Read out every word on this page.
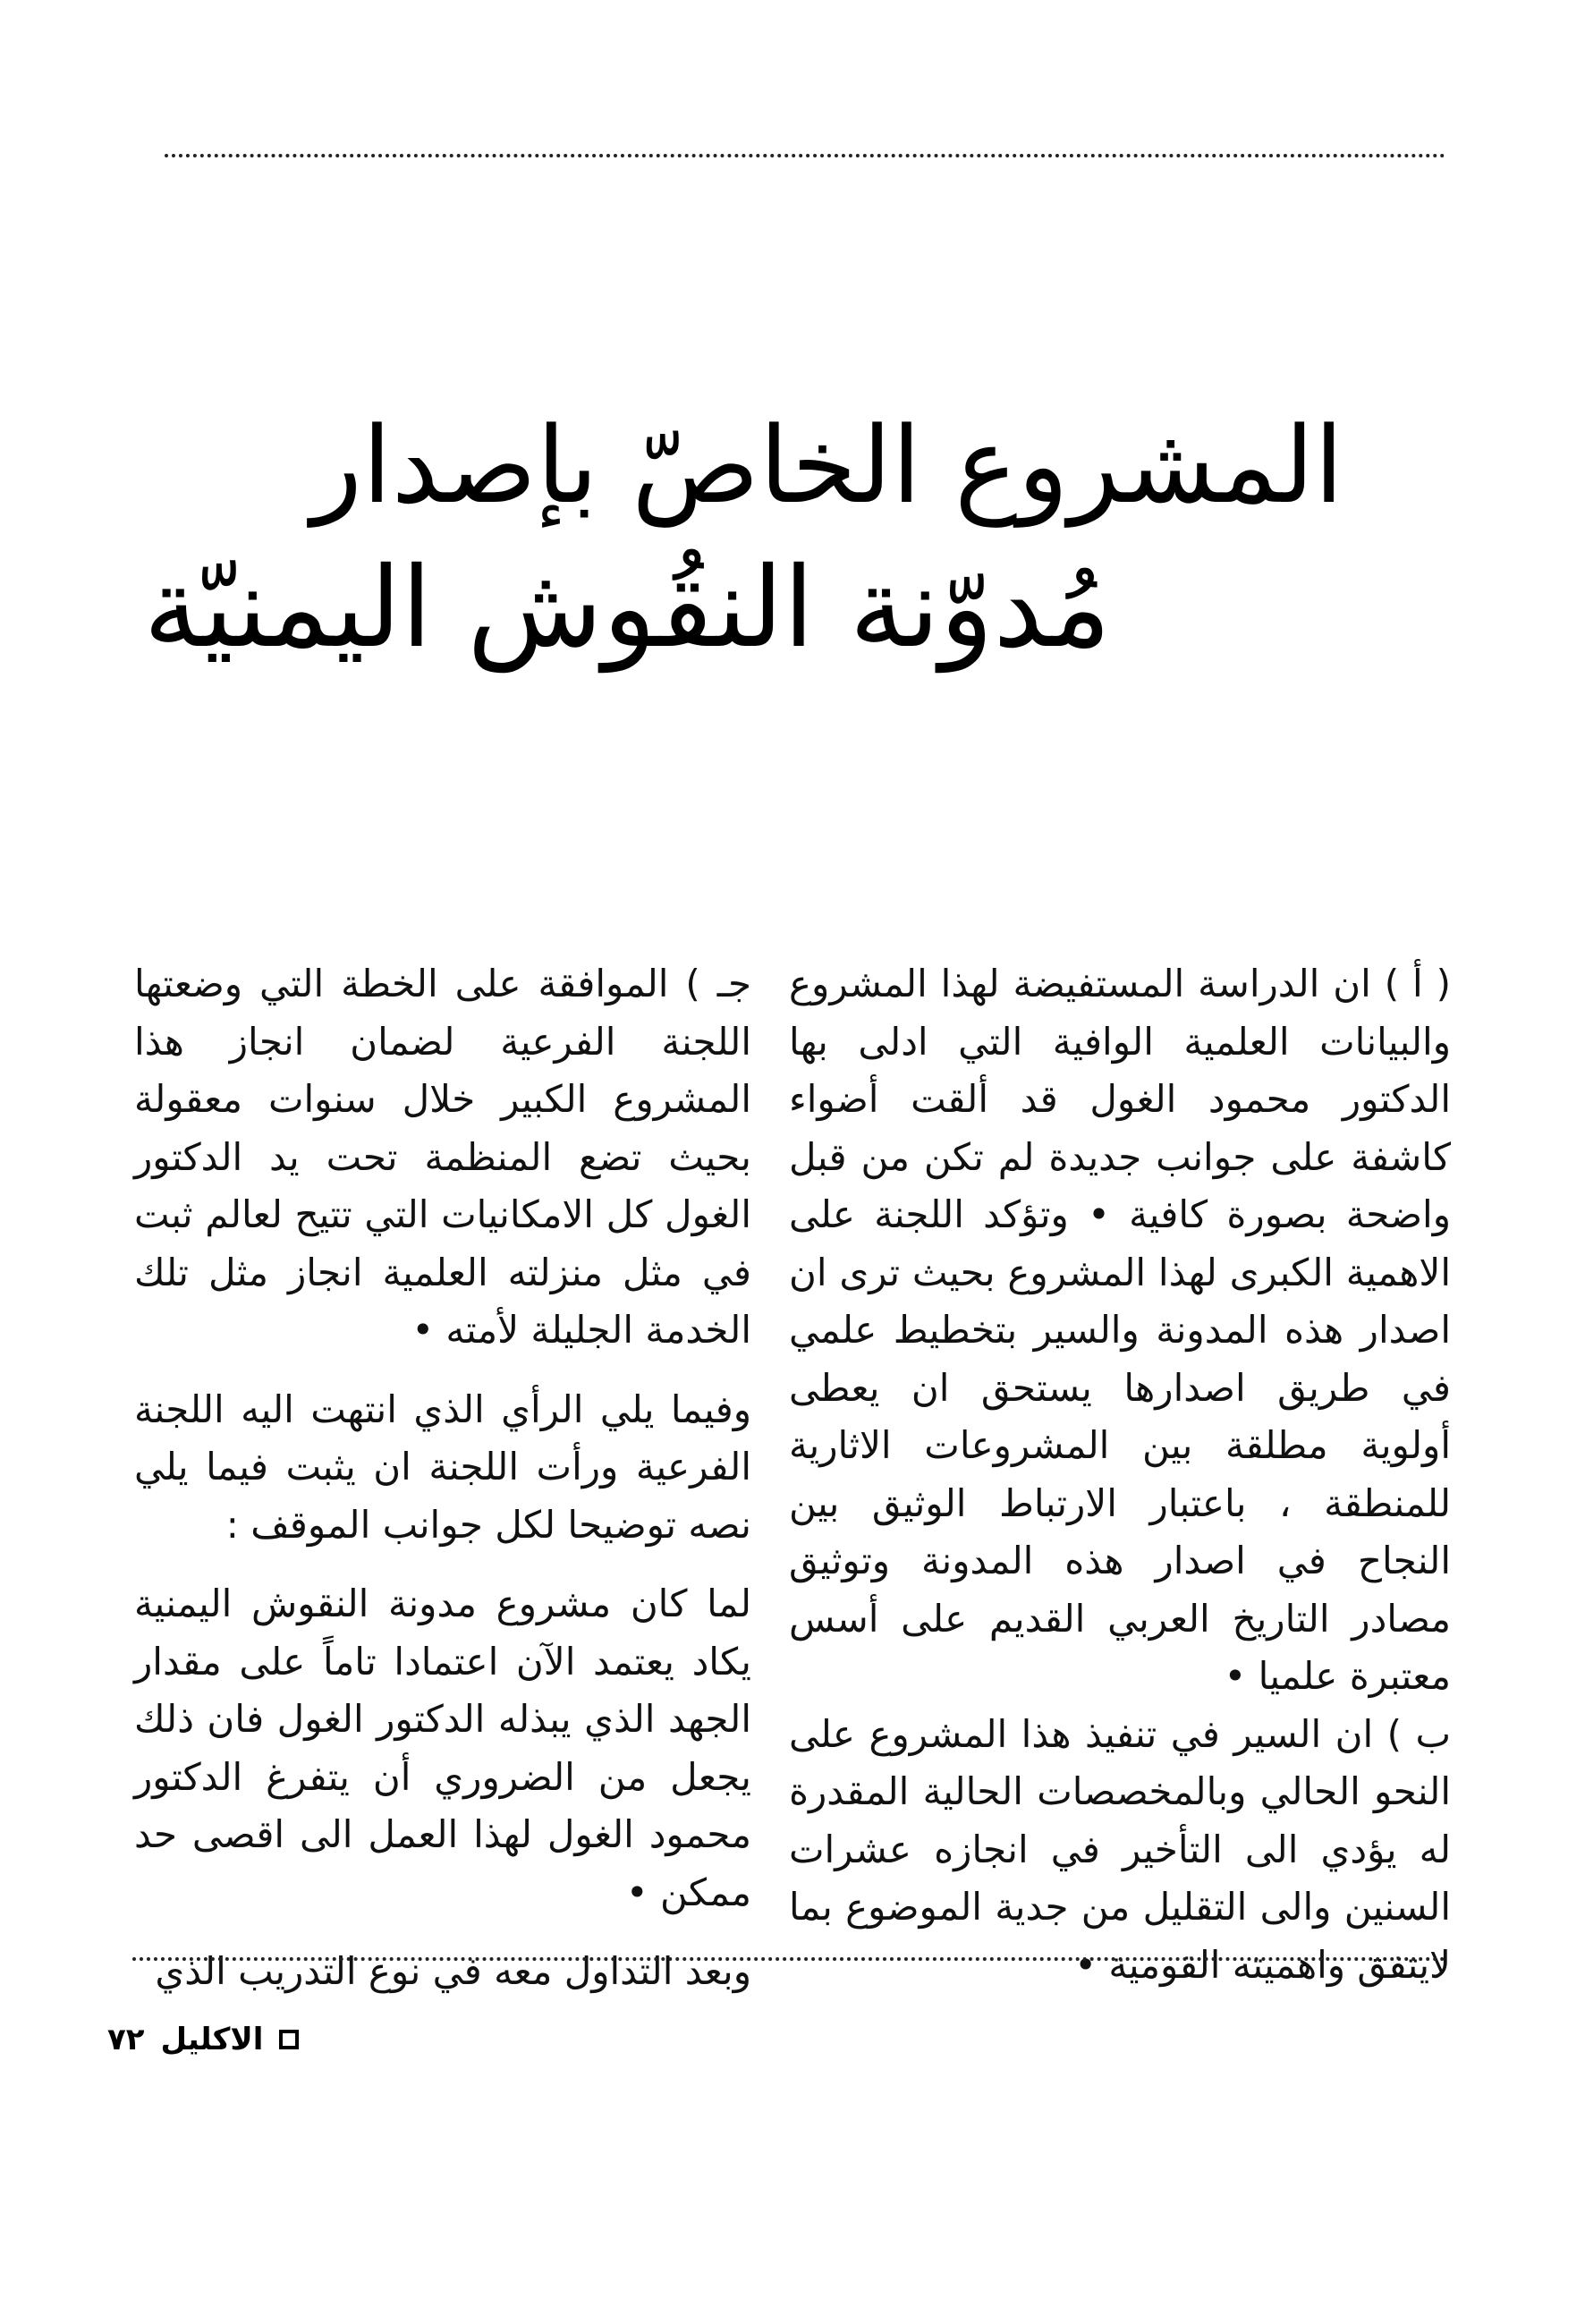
المشروع الخاصّ بإصدار
مُدوّنة النقُوش اليمنيّة

( أ ) ان الدراسة المستفيضة لهذا المشروع والبيانات العلمية الوافية التي ادلى بها الدكتور محمود الغول قد ألقت أضواء كاشفة على جوانب جديدة لم تكن من قبل واضحة بصورة كافية • وتؤكد اللجنة على الاهمية الكبرى لهذا المشروع بحيث ترى ان اصدار هذه المدونة والسير بتخطيط علمي في طريق اصدارها يستحق ان يعطى أولوية مطلقة بين المشروعات الاثارية للمنطقة ، باعتبار الارتباط الوثيق بين النجاح في اصدار هذه المدونة وتوثيق مصادر التاريخ العربي القديم على أسس معتبرة علميا •

ب ) ان السير في تنفيذ هذا المشروع على النحو الحالي وبالمخصصات الحالية المقدرة له يؤدي الى التأخير في انجازه عشرات السنين والى التقليل من جدية الموضوع بما لايتفق واهميته القومية •

جـ ) الموافقة على الخطة التي وضعتها اللجنة الفرعية لضمان انجاز هذا المشروع الكبير خلال سنوات معقولة بحيث تضع المنظمة تحت يد الدكتور الغول كل الامكانيات التي تتيح لعالم ثبت في مثل منزلته العلمية انجاز مثل تلك الخدمة الجليلة لأمته •

وفيما يلي الرأي الذي انتهت اليه اللجنة الفرعية ورأت اللجنة ان يثبت فيما يلي نصه توضيحا لكل جوانب الموقف :

لما كان مشروع مدونة النقوش اليمنية يكاد يعتمد الآن اعتمادا تاماً على مقدار الجهد الذي يبذله الدكتور الغول فان ذلك يجعل من الضروري أن يتفرغ الدكتور محمود الغول لهذا العمل الى اقصى حد ممكن •

وبعد التداول معه في نوع التدريب الذي

الاكليل
٧٢
